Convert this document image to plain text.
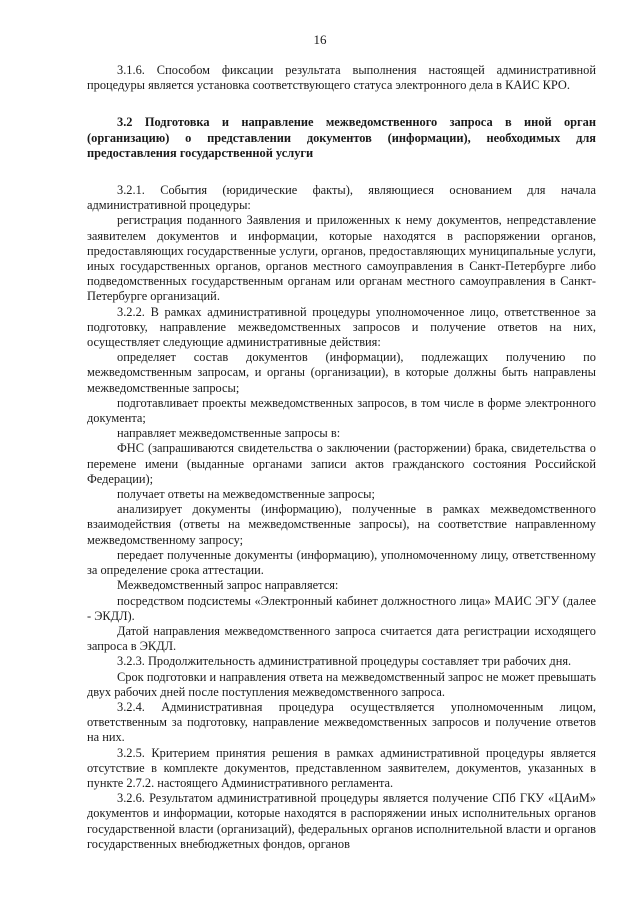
16

3.1.6. Способом фиксации результата выполнения настоящей административной процедуры является установка соответствующего статуса электронного дела в КАИС КРО.

3.2 Подготовка и направление межведомственного запроса в иной орган (организацию) о представлении документов (информации), необходимых для предоставления государственной услуги

3.2.1. События (юридические факты), являющиеся основанием для начала административной процедуры:

регистрация поданного Заявления и приложенных к нему документов, непредставление заявителем документов и информации, которые находятся в распоряжении органов, предоставляющих государственные услуги, органов, предоставляющих муниципальные услуги, иных государственных органов, органов местного самоуправления в Санкт-Петербурге либо подведомственных государственным органам или органам местного самоуправления в Санкт-Петербурге организаций.

3.2.2. В рамках административной процедуры уполномоченное лицо, ответственное за подготовку, направление межведомственных запросов и получение ответов на них, осуществляет следующие административные действия:

определяет состав документов (информации), подлежащих получению по межведомственным запросам, и органы (организации), в которые должны быть направлены межведомственные запросы;

подготавливает проекты межведомственных запросов, в том числе в форме электронного документа;

направляет межведомственные запросы в:

ФНС (запрашиваются свидетельства о заключении (расторжении) брака, свидетельства о перемене имени (выданные органами записи актов гражданского состояния Российской Федерации);

получает ответы на межведомственные запросы;

анализирует документы (информацию), полученные в рамках межведомственного взаимодействия (ответы на межведомственные запросы), на соответствие направленному межведомственному запросу;

передает полученные документы (информацию), уполномоченному лицу, ответственному за определение срока аттестации.

Межведомственный запрос направляется:

посредством подсистемы «Электронный кабинет должностного лица» МАИС ЭГУ (далее - ЭКДЛ).

Датой направления межведомственного запроса считается дата регистрации исходящего запроса в ЭКДЛ.

3.2.3. Продолжительность административной процедуры составляет три рабочих дня.

Срок подготовки и направления ответа на межведомственный запрос не может превышать двух рабочих дней после поступления межведомственного запроса.

3.2.4. Административная процедура осуществляется уполномоченным лицом, ответственным за подготовку, направление межведомственных запросов и получение ответов на них.

3.2.5. Критерием принятия решения в рамках административной процедуры является отсутствие в комплекте документов, представленном заявителем, документов, указанных в пункте 2.7.2. настоящего Административного регламента.

3.2.6. Результатом административной процедуры является получение СПб ГКУ «ЦАиМ» документов и информации, которые находятся в распоряжении иных исполнительных органов государственной власти (организаций), федеральных органов исполнительной власти и органов государственных внебюджетных фондов, органов
